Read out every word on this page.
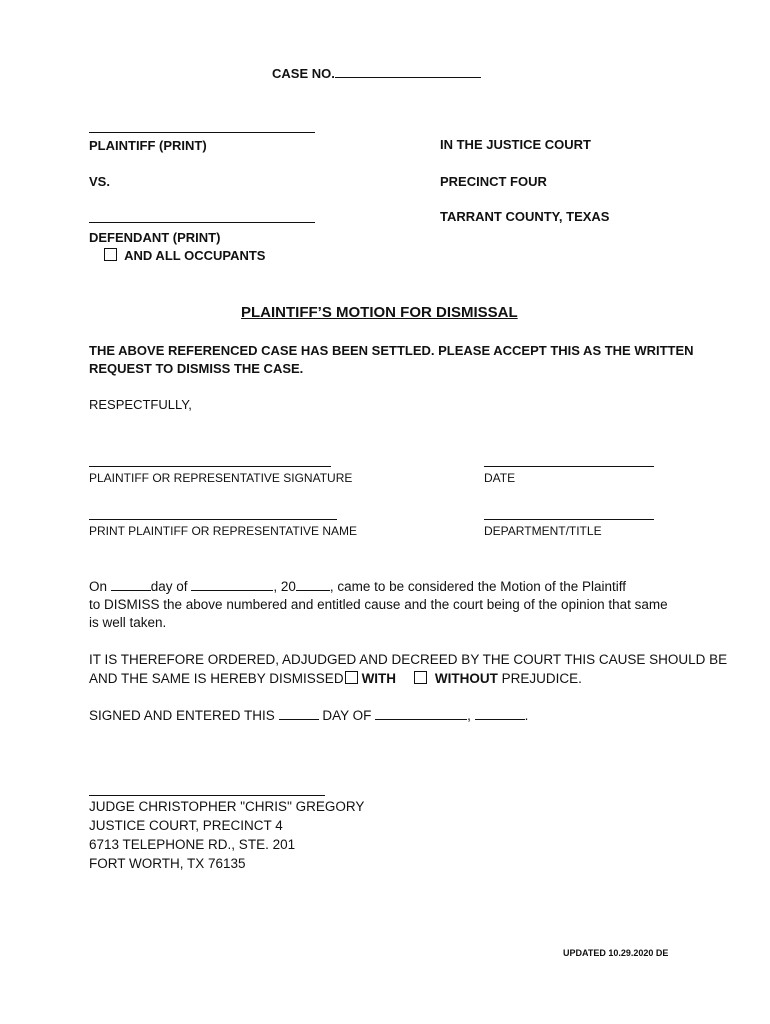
CASE NO.
PLAINTIFF (PRINT)
VS.
DEFENDANT (PRINT)
AND ALL OCCUPANTS
IN THE JUSTICE COURT
PRECINCT FOUR
TARRANT COUNTY, TEXAS
PLAINTIFF’S MOTION FOR DISMISSAL
THE ABOVE REFERENCED CASE HAS BEEN SETTLED. PLEASE ACCEPT THIS AS THE WRITTEN
REQUEST TO DISMISS THE CASE.
RESPECTFULLY,
PLAINTIFF OR REPRESENTATIVE SIGNATURE	DATE
PRINT PLAINTIFF OR REPRESENTATIVE NAME	DEPARTMENT/TITLE
On	day of	, 20	, came to be considered the Motion of the Plaintiff
to DISMISS the above numbered and entitled cause and the court being of the opinion that same
is well taken.
IT IS THEREFORE ORDERED, ADJUDGED AND DECREED BY THE COURT THIS CAUSE SHOULD BE
AND THE SAME IS HEREBY DISMISSED WITH	WITHOUT PREJUDICE.
SIGNED AND ENTERED THIS	DAY OF	,	.
JUDGE CHRISTOPHER "CHRIS" GREGORY
JUSTICE COURT, PRECINCT 4
6713 TELEPHONE RD., STE. 201
FORT WORTH, TX 76135
UPDATED 10.29.2020 DE
